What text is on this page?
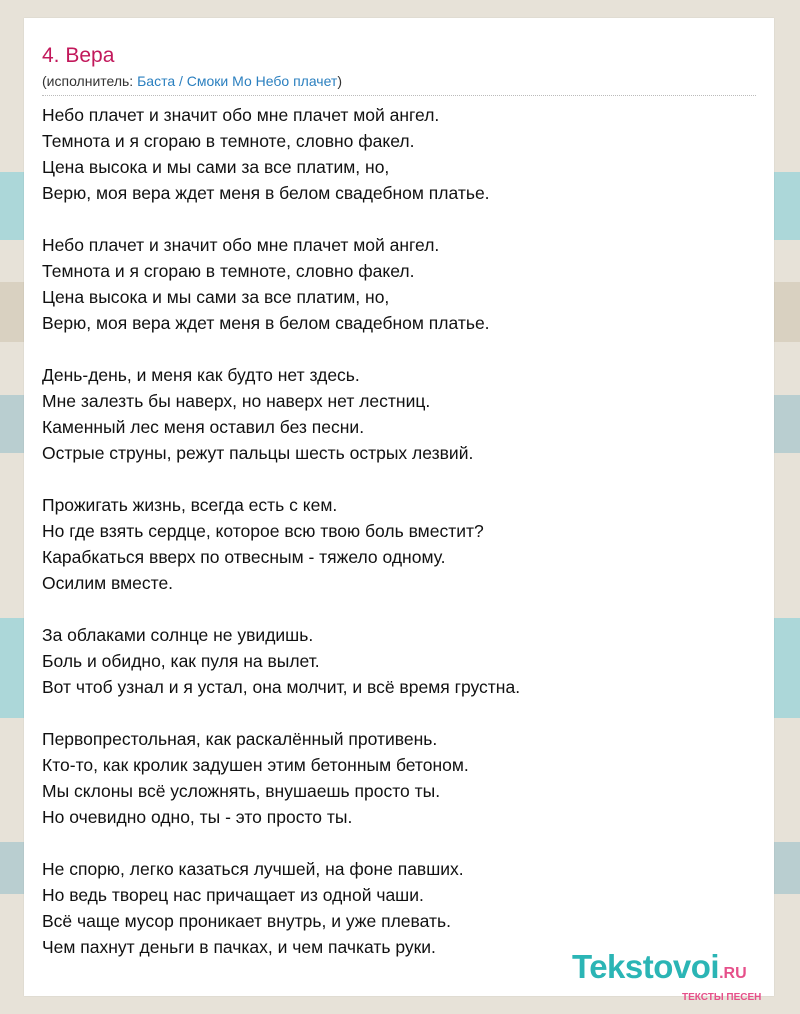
4. Вера
(исполнитель: Баста / Смоки Мо Небо плачет)
Небо плачет и значит обо мне плачет мой ангел.
Темнота и я сгораю в темноте, словно факел.
Цена высока и мы сами за все платим, но,
Верю, моя вера ждет меня в белом свадебном платье.
Небо плачет и значит обо мне плачет мой ангел.
Темнота и я сгораю в темноте, словно факел.
Цена высока и мы сами за все платим, но,
Верю, моя вера ждет меня в белом свадебном платье.
День-день, и меня как будто нет здесь.
Мне залезть бы наверх, но наверх нет лестниц.
Каменный лес меня оставил без песни.
Острые струны, режут пальцы шесть острых лезвий.
Прожигать жизнь, всегда есть с кем.
Но где взять сердце, которое всю твою боль вместит?
Карабкаться вверх по отвесным - тяжело одному.
Осилим вместе.
За облаками солнце не увидишь.
Боль и обидно, как пуля на вылет.
Вот чтоб узнал и я устал, она молчит, и всё время грустна.
Первопрестольная, как раскалённый противень.
Кто-то, как кролик задушен этим бетонным бетоном.
Мы склоны всё усложнять, внушаешь просто ты.
Но очевидно одно, ты - это просто ты.
Не спорю, легко казаться лучшей, на фоне павших.
Но ведь творец нас причащает из одной чаши.
Всё чаще мусор проникает внутрь, и уже плевать.
Чем пахнут деньги в пачках, и чем пачкать руки.
Tekstovoi.RU
ТЕКСТЫ ПЕСЕН
